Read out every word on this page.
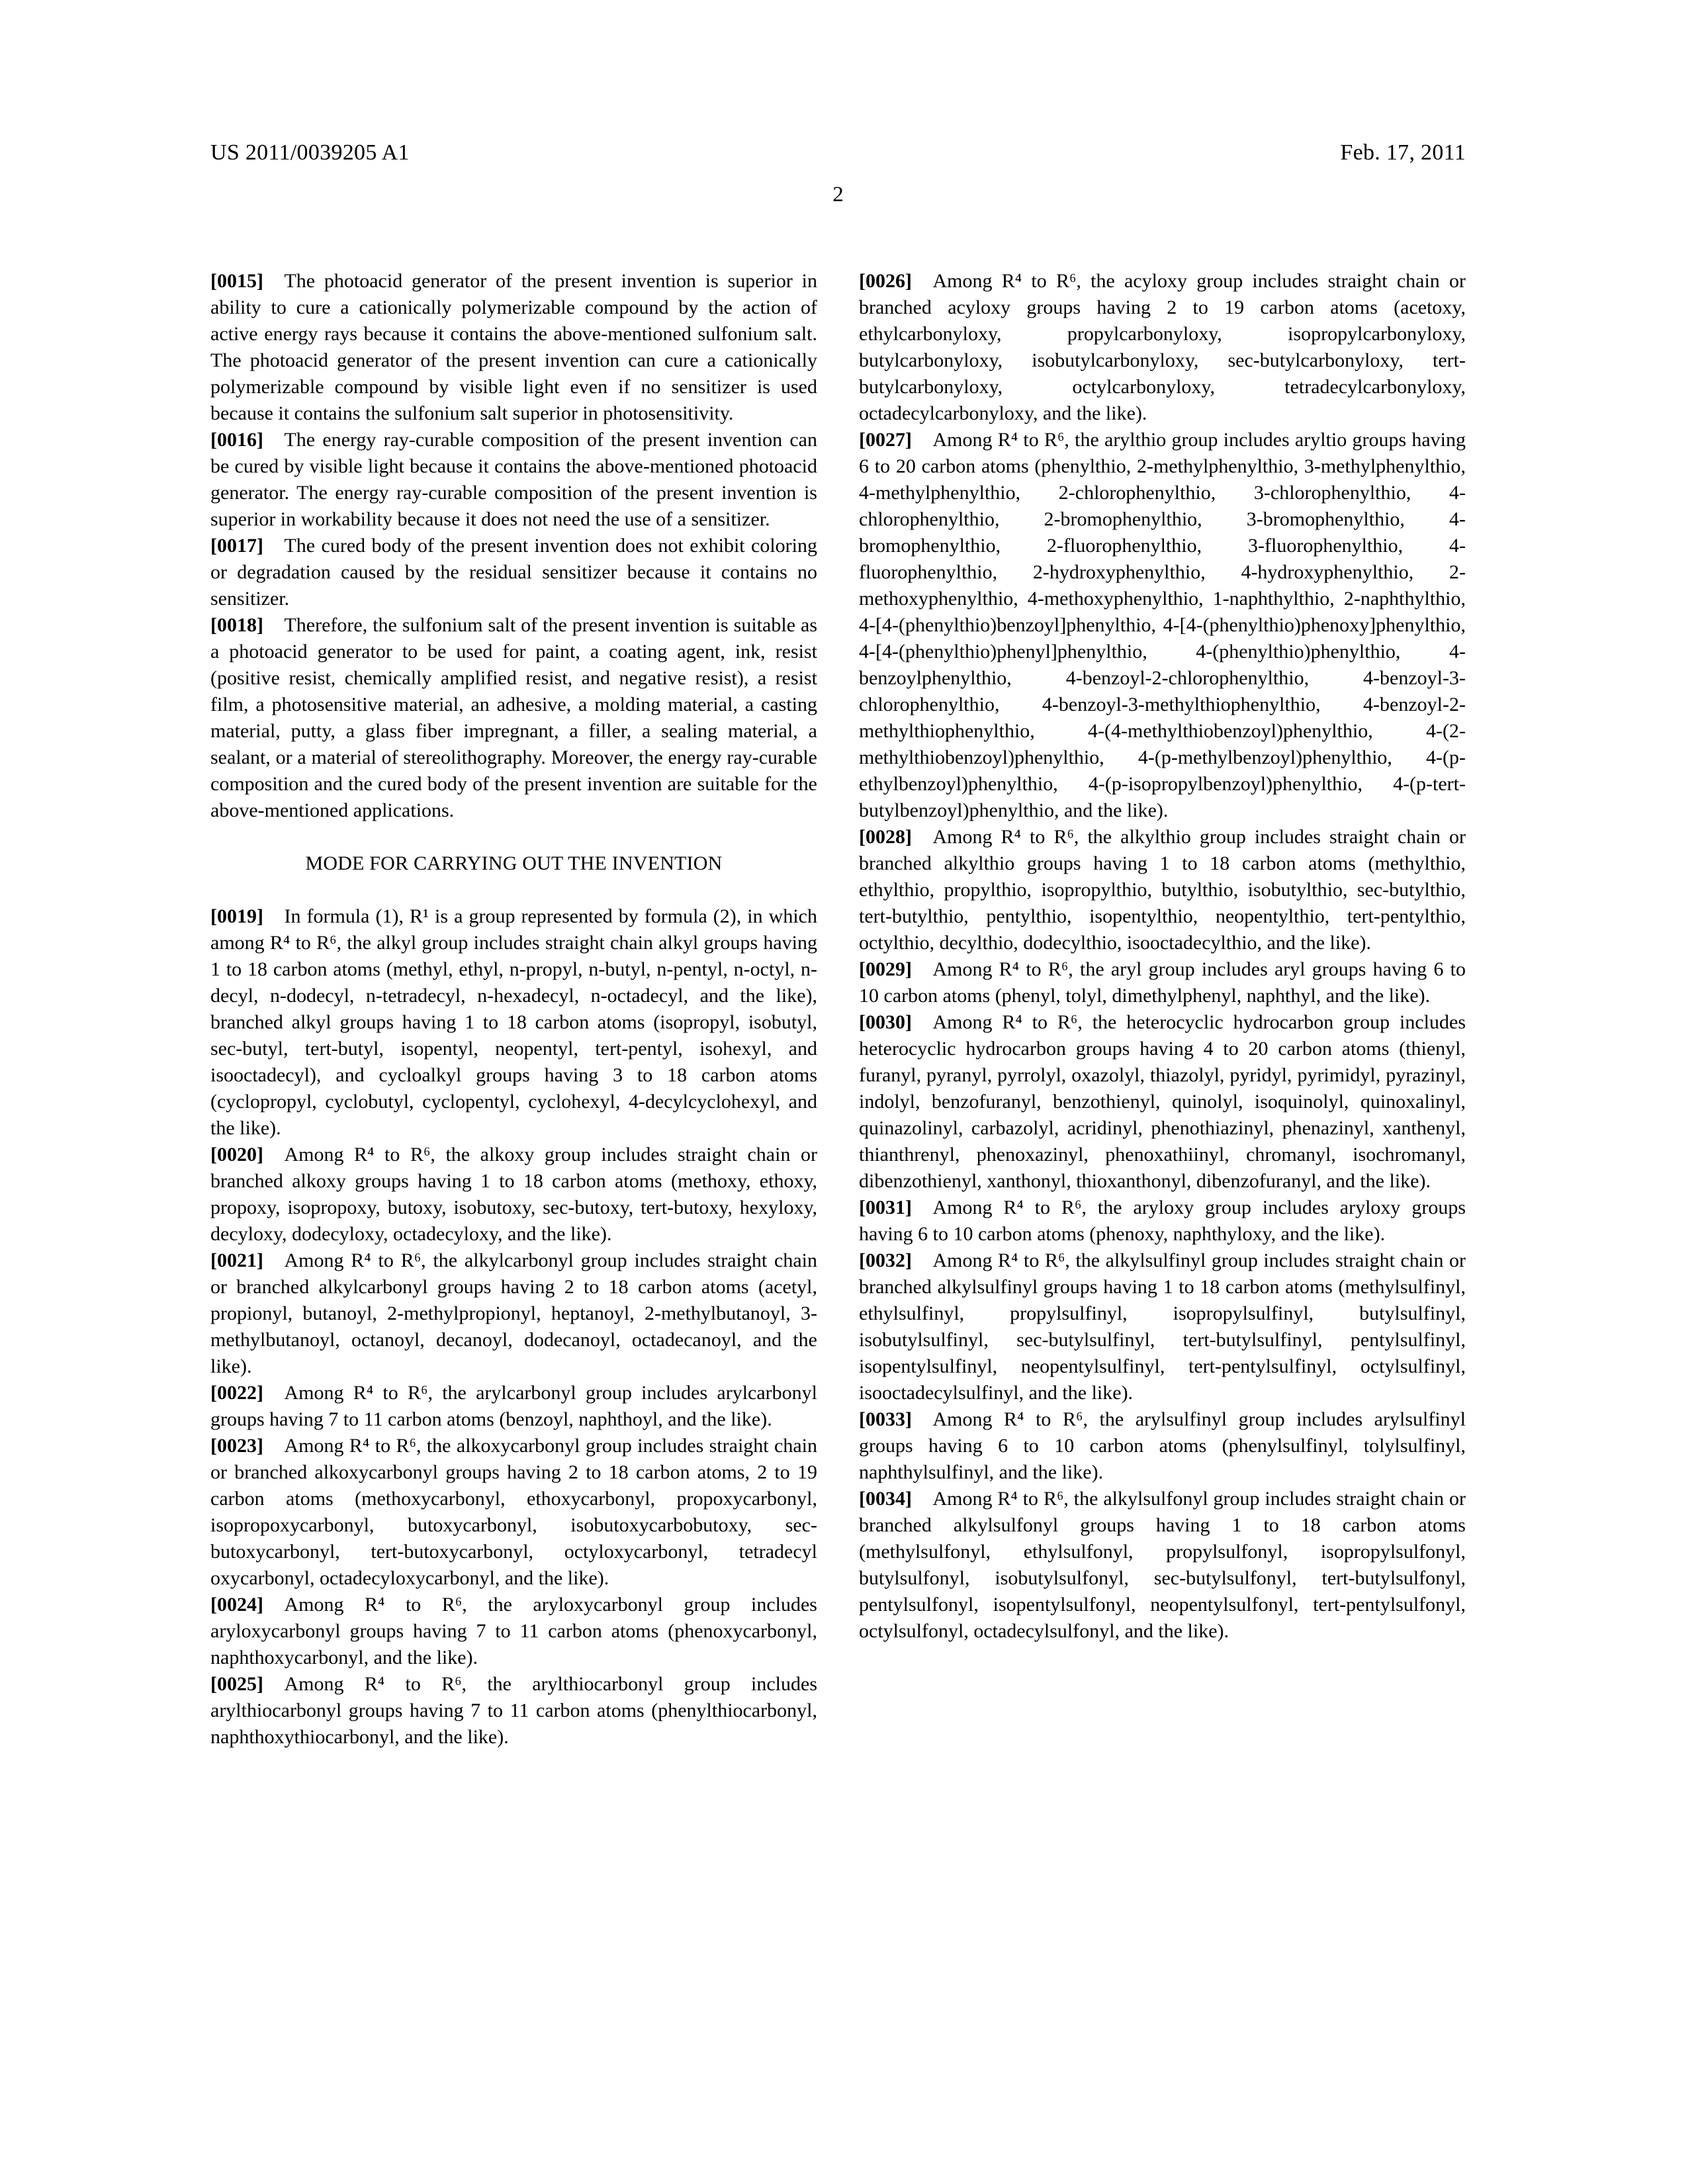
US 2011/0039205 A1	Feb. 17, 2011
2

[0015] The photoacid generator of the present invention is superior in ability to cure a cationically polymerizable compound by the action of active energy rays because it contains the above-mentioned sulfonium salt. The photoacid generator of the present invention can cure a cationically polymerizable compound by visible light even if no sensitizer is used because it contains the sulfonium salt superior in photosensitivity.

[0016] The energy ray-curable composition of the present invention can be cured by visible light because it contains the above-mentioned photoacid generator. The energy ray-curable composition of the present invention is superior in workability because it does not need the use of a sensitizer.

[0017] The cured body of the present invention does not exhibit coloring or degradation caused by the residual sensitizer because it contains no sensitizer.

[0018] Therefore, the sulfonium salt of the present invention is suitable as a photoacid generator to be used for paint, a coating agent, ink, resist (positive resist, chemically amplified resist, and negative resist), a resist film, a photosensitive material, an adhesive, a molding material, a casting material, putty, a glass fiber impregnant, a filler, a sealing material, a sealant, or a material of stereolithography. Moreover, the energy ray-curable composition and the cured body of the present invention are suitable for the above-mentioned applications.

MODE FOR CARRYING OUT THE INVENTION

[0019] In formula (1), R¹ is a group represented by formula (2), in which among R⁴ to R⁶, the alkyl group includes straight chain alkyl groups having 1 to 18 carbon atoms (methyl, ethyl, n-propyl, n-butyl, n-pentyl, n-octyl, n-decyl, n-dodecyl, n-tetradecyl, n-hexadecyl, n-octadecyl, and the like), branched alkyl groups having 1 to 18 carbon atoms (isopropyl, isobutyl, sec-butyl, tert-butyl, isopentyl, neopentyl, tert-pentyl, isohexyl, and isooctadecyl), and cycloalkyl groups having 3 to 18 carbon atoms (cyclopropyl, cyclobutyl, cyclopentyl, cyclohexyl, 4-decylcyclohexyl, and the like).

[0020] Among R⁴ to R⁶, the alkoxy group includes straight chain or branched alkoxy groups having 1 to 18 carbon atoms (methoxy, ethoxy, propoxy, isopropoxy, butoxy, isobutoxy, sec-butoxy, tert-butoxy, hexyloxy, decyloxy, dodecyloxy, octadecyloxy, and the like).

[0021] Among R⁴ to R⁶, the alkylcarbonyl group includes straight chain or branched alkylcarbonyl groups having 2 to 18 carbon atoms (acetyl, propionyl, butanoyl, 2-methylpropionyl, heptanoyl, 2-methylbutanoyl, 3-methylbutanoyl, octanoyl, decanoyl, dodecanoyl, octadecanoyl, and the like).

[0022] Among R⁴ to R⁶, the arylcarbonyl group includes arylcarbonyl groups having 7 to 11 carbon atoms (benzoyl, naphthoyl, and the like).

[0023] Among R⁴ to R⁶, the alkoxycarbonyl group includes straight chain or branched alkoxycarbonyl groups having 2 to 18 carbon atoms, 2 to 19 carbon atoms (methoxycarbonyl, ethoxycarbonyl, propoxycarbonyl, isopropoxycarbonyl, butoxycarbonyl, isobutoxycarbobutoxy, sec-butoxycarbonyl, tert-butoxycarbonyl, octyloxycarbonyl, tetradecyl oxycarbonyl, octadecyloxycarbonyl, and the like).

[0024] Among R⁴ to R⁶, the aryloxycarbonyl group includes aryloxycarbonyl groups having 7 to 11 carbon atoms (phenoxycarbonyl, naphthoxycarbonyl, and the like).

[0025] Among R⁴ to R⁶, the arylthiocarbonyl group includes arylthiocarbonyl groups having 7 to 11 carbon atoms (phenylthiocarbonyl, naphthoxythiocarbonyl, and the like).

[0026] Among R⁴ to R⁶, the acyloxy group includes straight chain or branched acyloxy groups having 2 to 19 carbon atoms (acetoxy, ethylcarbonyloxy, propylcarbonyloxy, isopropylcarbonyloxy, butylcarbonyloxy, isobutylcarbonyloxy, sec-butylcarbonyloxy, tert-butylcarbonyloxy, octylcarbonyloxy, tetradecylcarbonyloxy, octadecylcarbonyloxy, and the like).

[0027] Among R⁴ to R⁶, the arylthio group includes aryltio groups having 6 to 20 carbon atoms (phenylthio, 2-methylphenylthio, 3-methylphenylthio, 4-methylphenylthio, 2-chlorophenylthio, 3-chlorophenylthio, 4-chlorophenylthio, 2-bromophenylthio, 3-bromophenylthio, 4-bromophenylthio, 2-fluorophenylthio, 3-fluorophenylthio, 4-fluorophenylthio, 2-hydroxyphenylthio, 4-hydroxyphenylthio, 2-methoxyphenylthio, 4-methoxyphenylthio, 1-naphthylthio, 2-naphthylthio, 4-[4-(phenylthio)benzoyl]phenylthio, 4-[4-(phenylthio)phenoxy]phenylthio, 4-[4-(phenylthio)phenyl]phenylthio, 4-(phenylthio)phenylthio, 4-benzoylphenylthio, 4-benzoyl-2-chlorophenylthio, 4-benzoyl-3-chlorophenylthio, 4-benzoyl-3-methylthiophenylthio, 4-benzoyl-2-methylthiophenylthio, 4-(4-methylthiobenzoyl)phenylthio, 4-(2-methylthiobenzoyl)phenylthio, 4-(p-methylbenzoyl)phenylthio, 4-(p-ethylbenzoyl)phenylthio, 4-(p-isopropylbenzoyl)phenylthio, 4-(p-tert-butylbenzoyl)phenylthio, and the like).

[0028] Among R⁴ to R⁶, the alkylthio group includes straight chain or branched alkylthio groups having 1 to 18 carbon atoms (methylthio, ethylthio, propylthio, isopropylthio, butylthio, isobutylthio, sec-butylthio, tert-butylthio, pentylthio, isopentylthio, neopentylthio, tert-pentylthio, octylthio, decylthio, dodecylthio, isooctadecylthio, and the like).

[0029] Among R⁴ to R⁶, the aryl group includes aryl groups having 6 to 10 carbon atoms (phenyl, tolyl, dimethylphenyl, naphthyl, and the like).

[0030] Among R⁴ to R⁶, the heterocyclic hydrocarbon group includes heterocyclic hydrocarbon groups having 4 to 20 carbon atoms (thienyl, furanyl, pyranyl, pyrrolyl, oxazolyl, thiazolyl, pyridyl, pyrimidyl, pyrazinyl, indolyl, benzofuranyl, benzothienyl, quinolyl, isoquinolyl, quinoxalinyl, quinazolinyl, carbazolyl, acridinyl, phenothiazinyl, phenazinyl, xanthenyl, thianthrenyl, phenoxazinyl, phenoxathiinyl, chromanyl, isochromanyl, dibenzothienyl, xanthonyl, thioxanthonyl, dibenzofuranyl, and the like).

[0031] Among R⁴ to R⁶, the aryloxy group includes aryloxy groups having 6 to 10 carbon atoms (phenoxy, naphthyloxy, and the like).

[0032] Among R⁴ to R⁶, the alkylsulfinyl group includes straight chain or branched alkylsulfinyl groups having 1 to 18 carbon atoms (methylsulfinyl, ethylsulfinyl, propylsulfinyl, isopropylsulfinyl, butylsulfinyl, isobutylsulfinyl, sec-butylsulfinyl, tert-butylsulfinyl, pentylsulfinyl, isopentylsulfinyl, neopentylsulfinyl, tert-pentylsulfinyl, octylsulfinyl, isooctadecylsulfinyl, and the like).

[0033] Among R⁴ to R⁶, the arylsulfinyl group includes arylsulfinyl groups having 6 to 10 carbon atoms (phenylsulfinyl, tolylsulfinyl, naphthylsulfinyl, and the like).

[0034] Among R⁴ to R⁶, the alkylsulfonyl group includes straight chain or branched alkylsulfonyl groups having 1 to 18 carbon atoms (methylsulfonyl, ethylsulfonyl, propylsulfonyl, isopropylsulfonyl, butylsulfonyl, isobutylsulfonyl, sec-butylsulfonyl, tert-butylsulfonyl, pentylsulfonyl, isopentylsulfonyl, neopentylsulfonyl, tert-pentylsulfonyl, octylsulfonyl, octadecylsulfonyl, and the like).
